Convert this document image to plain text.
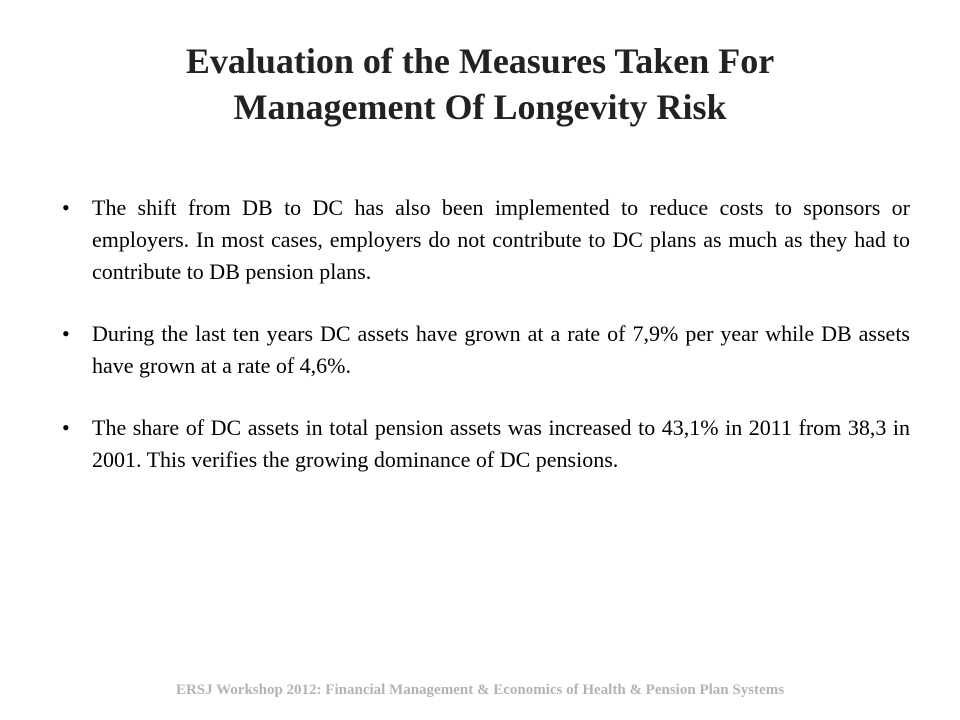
Evaluation of the Measures Taken For
Management Of Longevity Risk
• The shift from DB to DC has also been implemented to reduce costs to sponsors or employers. In most cases, employers do not contribute to DC plans as much as they had to contribute to DB pension plans.
• During the last ten years DC assets have grown at a rate of 7,9% per year while DB assets have grown at a rate of 4,6%.
• The share of DC assets in total pension assets was increased to 43,1% in 2011 from 38,3 in 2001. This verifies the growing dominance of DC pensions.
ERSJ Workshop 2012: Financial Management & Economics of Health & Pension Plan Systems
